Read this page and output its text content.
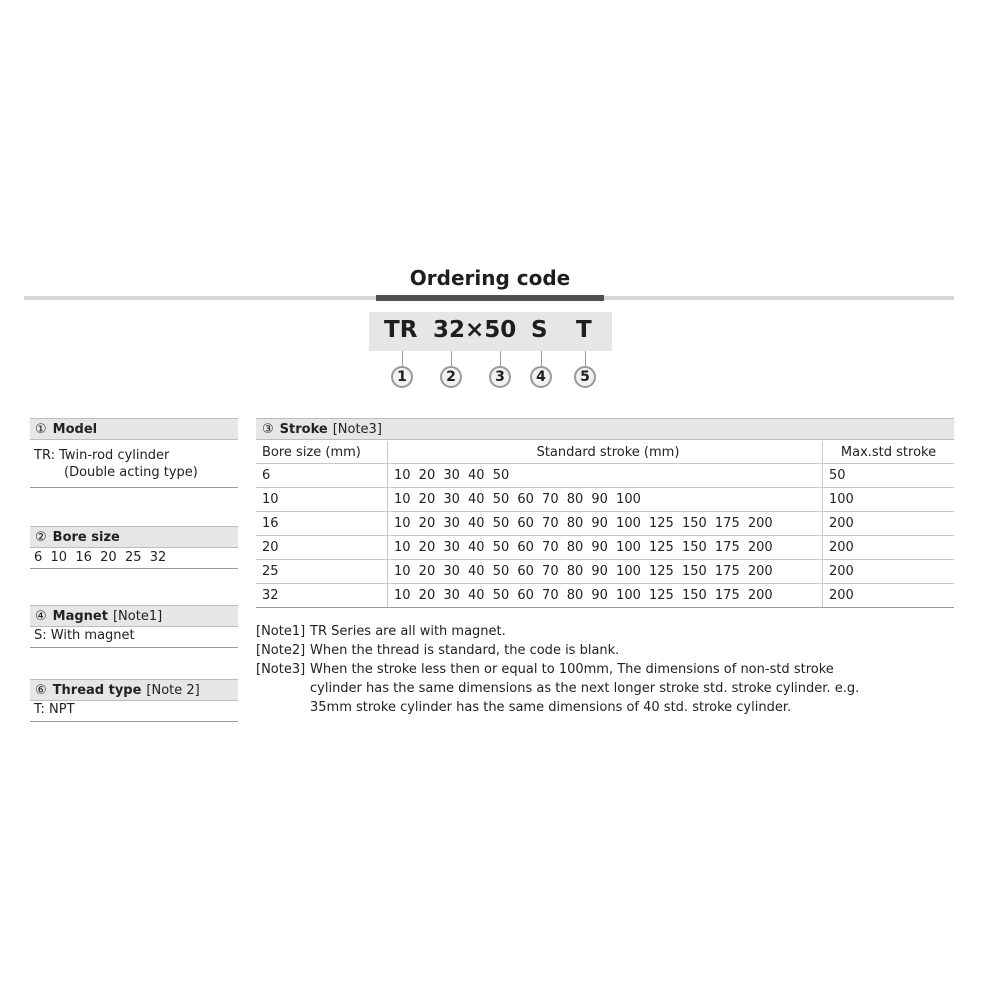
Ordering code
TR 32×50 S T
1	2	3	4	5
① Model
TR: Twin-rod cylinder
(Double acting type)
② Bore size
6  10  16  20  25  32
④ Magnet [Note1]
S: With magnet
⑥ Thread type [Note 2]
T: NPT
③ Stroke [Note3]
Bore size (mm)	Standard stroke (mm)	Max.std stroke
6	10 20 30 40 50	50
10	10 20 30 40 50 60 70 80 90 100	100
16	10 20 30 40 50 60 70 80 90 100 125 150 175 200	200
20	10 20 30 40 50 60 70 80 90 100 125 150 175 200	200
25	10 20 30 40 50 60 70 80 90 100 125 150 175 200	200
32	10 20 30 40 50 60 70 80 90 100 125 150 175 200	200
[Note1] TR Series are all with magnet.
[Note2] When the thread is standard, the code is blank.
[Note3] When the stroke less then or equal to 100mm, The dimensions of non-std stroke
cylinder has the same dimensions as the next longer stroke std. stroke cylinder. e.g.
35mm stroke cylinder has the same dimensions of 40 std. stroke cylinder.
